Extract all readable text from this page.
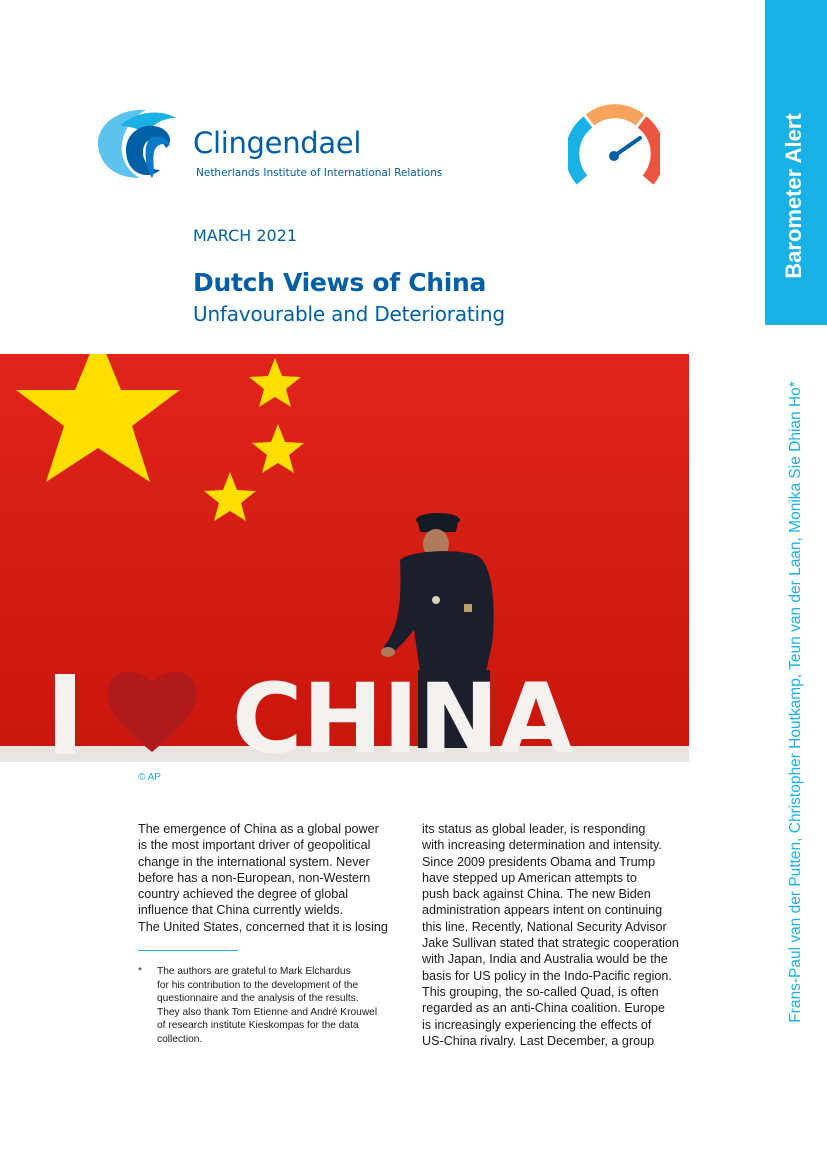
Clingendael
Netherlands Institute of International Relations	Barometer Alert
Frans-Paul van der Putten, Christopher Houtkamp, Teun van der Laan, Monika Sie Dhian Ho*
MARCH 2021
Dutch Views of China
Unfavourable and Deteriorating
CHINA
© AP
The emergence of China as a global power
is the most important driver of geopolitical
change in the international system. Never
before has a non-European, non-Western
country achieved the degree of global
influence that China currently wields.
The United States, concerned that it is losing
* The authors are grateful to Mark Elchardus
for his contribution to the development of the
questionnaire and the analysis of the results.
They also thank Tom Etienne and André Krouwel
of research institute Kieskompas for the data
collection.
its status as global leader, is responding
with increasing determination and intensity.
Since 2009 presidents Obama and Trump
have stepped up American attempts to
push back against China. The new Biden
administration appears intent on continuing
this line. Recently, National Security Advisor
Jake Sullivan stated that strategic cooperation
with Japan, India and Australia would be the
basis for US policy in the Indo-Pacific region.
This grouping, the so-called Quad, is often
regarded as an anti-China coalition. Europe
is increasingly experiencing the effects of
US-China rivalry. Last December, a group
